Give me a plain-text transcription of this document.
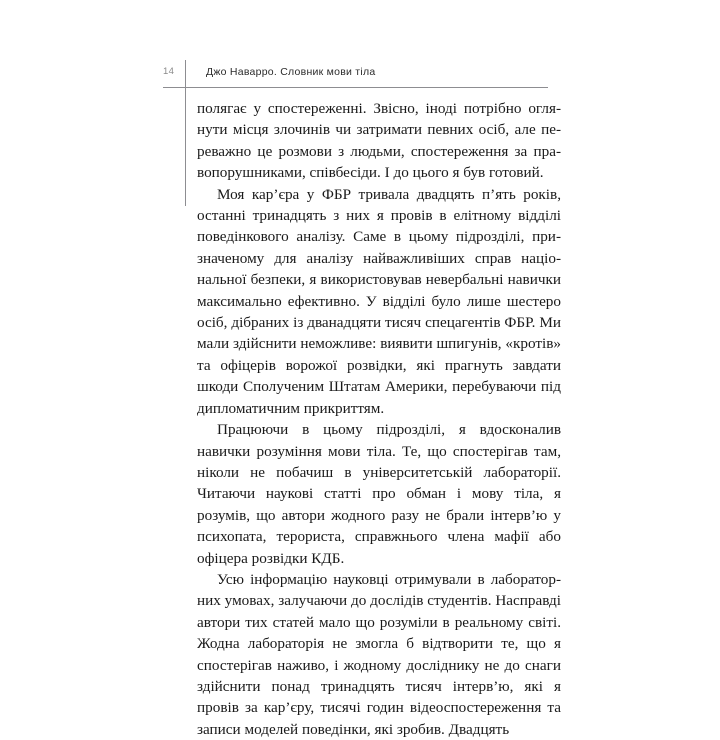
14	Джо Наварро. Словник мови тіла

полягає у спостереженні. Звісно, іноді потрібно оглянути місця злочинів чи затримати певних осіб, але переважно це розмови з людьми, спостереження за правопорушниками, співбесіди. І до цього я був готовий.

Моя кар’єра у ФБР тривала двадцять п’ять років, останні тринадцять з них я провів в елітному відділі поведінкового аналізу. Саме в цьому підрозділі, призначеному для аналізу найважливіших справ національної безпеки, я використовував невербальні навички максимально ефективно. У відділі було лише шестеро осіб, дібраних із дванадцяти тисяч спецагентів ФБР. Ми мали здійснити неможливе: виявити шпигунів, «кротів» та офіцерів ворожої розвідки, які прагнуть завдати шкоди Сполученим Штатам Америки, перебуваючи під дипломатичним прикриттям.

Працюючи в цьому підрозділі, я вдосконалив навички розуміння мови тіла. Те, що спостерігав там, ніколи не побачиш в університетській лабораторії. Читаючи наукові статті про обман і мову тіла, я розумів, що автори жодного разу не брали інтерв’ю у психопата, терориста, справжнього члена мафії або офіцера розвідки КДБ.

Усю інформацію науковці отримували в лабораторних умовах, залучаючи до дослідів студентів. Насправді автори тих статей мало що розуміли в реальному світі. Жодна лабораторія не змогла б відтворити те, що я спостерігав наживо, і жодному досліднику не до снаги здійснити понад тринадцять тисяч інтерв’ю, які я провів за кар’єру, тисячі годин відеоспостереження та записи моделей поведінки, які зробив. Двадцять
